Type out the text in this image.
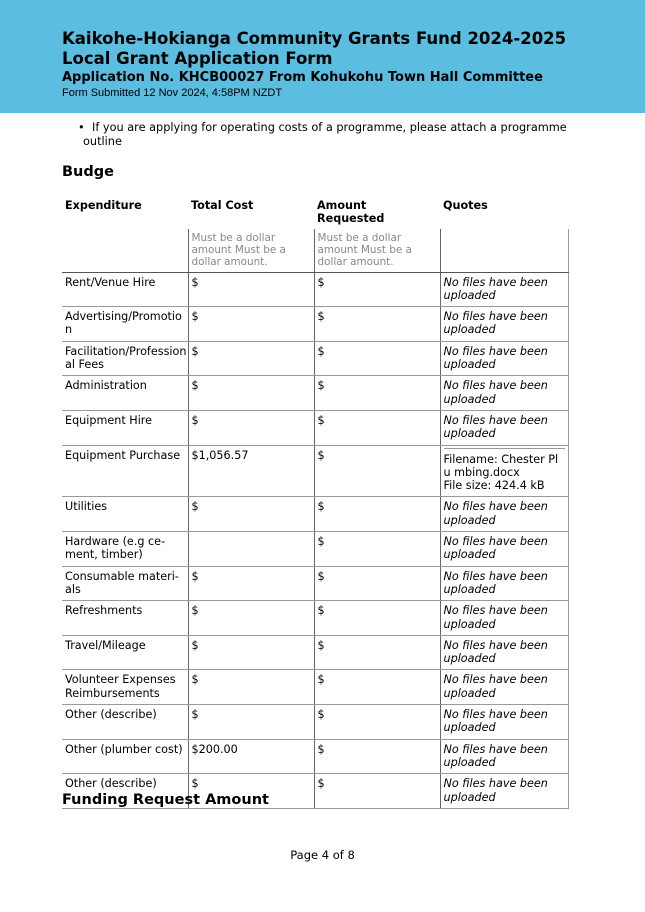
Kaikohe-Hokianga Community Grants Fund 2024-2025
Local Grant Application Form
Application No. KHCB00027 From Kohukohu Town Hall Committee
Form Submitted 12 Nov 2024, 4:58PM NZDT
• If you are applying for operating costs of a programme, please attach a programme outline
Budge
Expenditure	Total Cost	Amount Requested	Quotes
	Must be a dollar amount Must be a dollar amount.	Must be a dollar amount Must be a dollar amount.	
Rent/Venue Hire	$	$	No files have been uploaded
Advertising/Promotio n	$	$	No files have been uploaded
Facilitation/Profession al Fees	$	$	No files have been uploaded
Administration	$	$	No files have been uploaded
Equipment Hire	$	$	No files have been uploaded
Equipment Purchase	$1,056.57	$	Filename: Chester Plu mbing.docx
File size: 424.4 kB

Utilities	$	$	No files have been uploaded
Hardware (e.g ce- ment, timber)		$	No files have been uploaded
Consumable materi- als	$	$	No files have been uploaded
Refreshments	$	$	No files have been uploaded
Travel/Mileage	$	$	No files have been uploaded
Volunteer Expenses Reimbursements	$	$	No files have been uploaded
Other (describe)	$	$	No files have been uploaded
Other (plumber cost)	$200.00	$	No files have been uploaded
Other (describe)	$	$	No files have been uploaded
Funding Request Amount
Page 4 of 8
